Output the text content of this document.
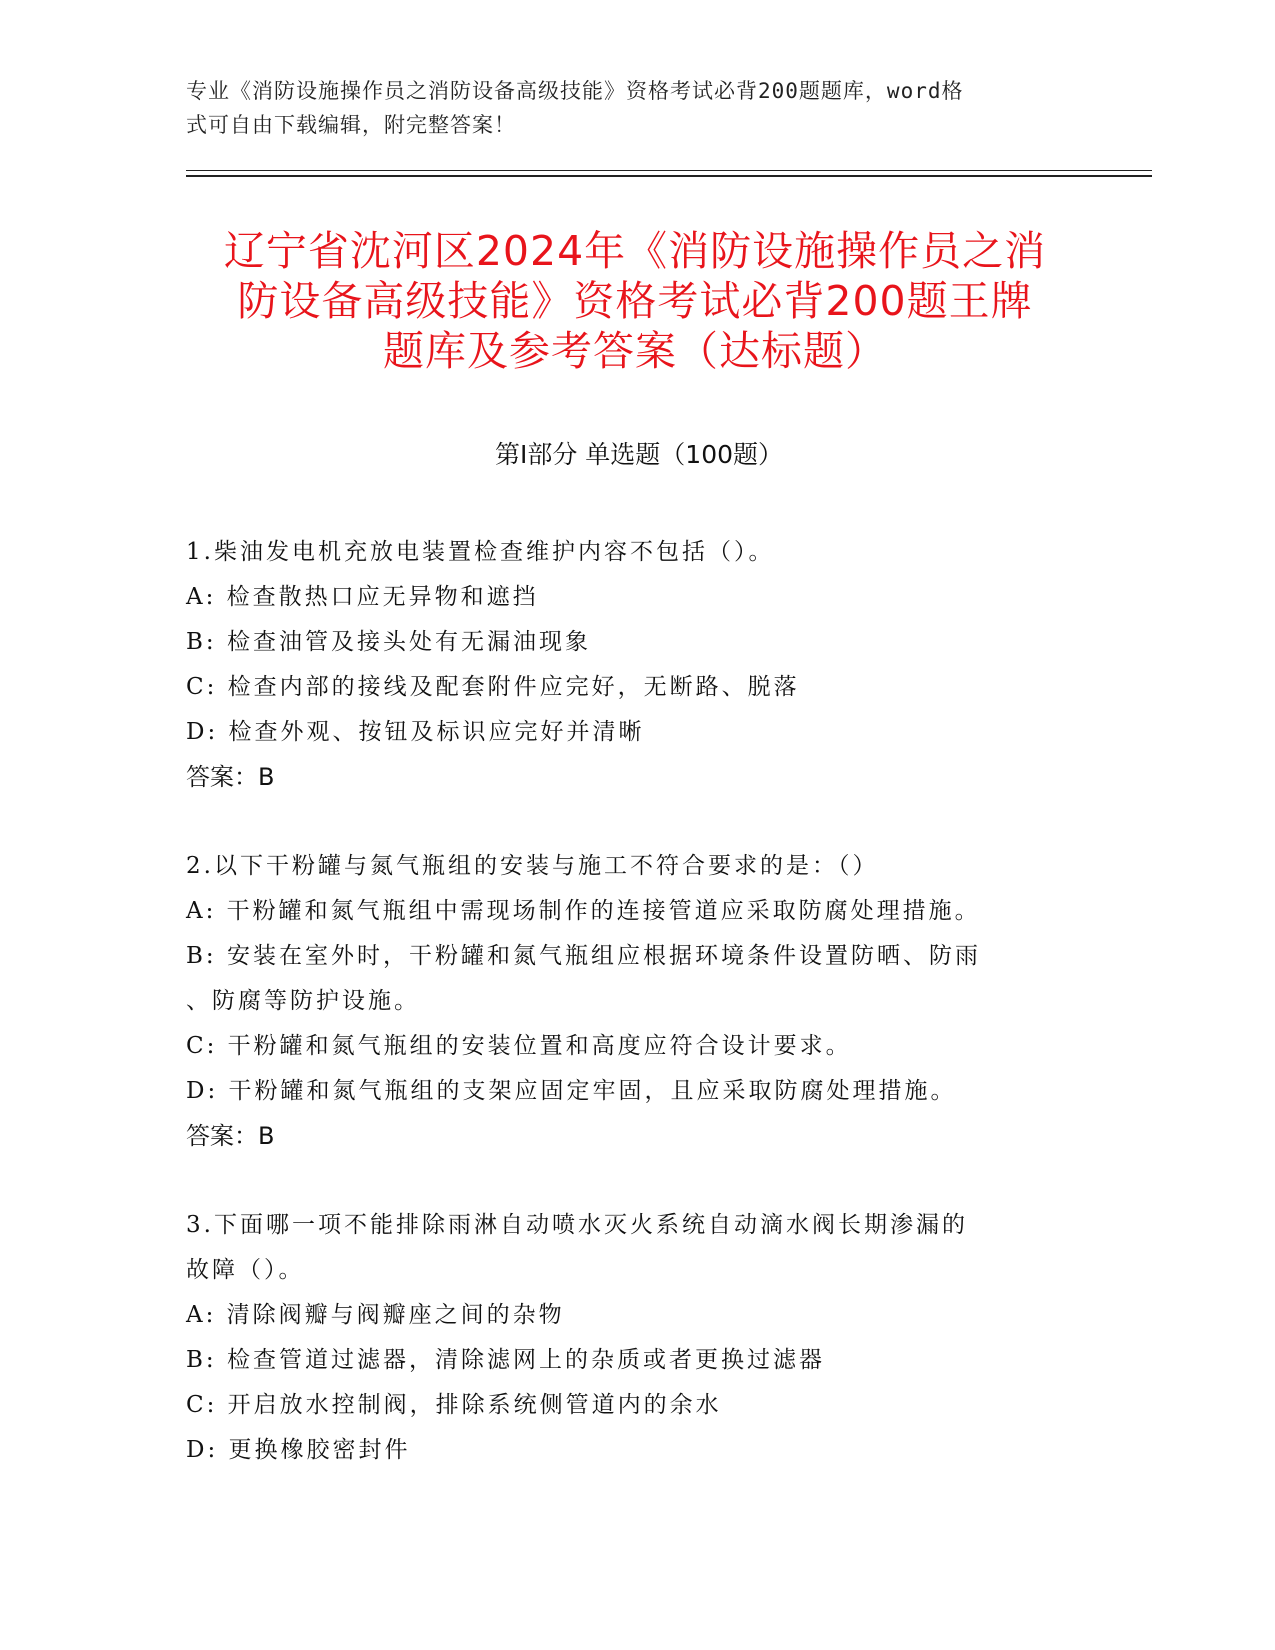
专业《消防设施操作员之消防设备高级技能》资格考试必背200题题库，word格
式可自由下载编辑，附完整答案！
辽宁省沈河区2024年《消防设施操作员之消
防设备高级技能》资格考试必背200题王牌
题库及参考答案（达标题）
第Ⅰ部分 单选题（100题）

1.柴油发电机充放电装置检查维护内容不包括（）。

A: 检查散热口应无异物和遮挡

B: 检查油管及接头处有无漏油现象

C: 检查内部的接线及配套附件应完好，无断路、脱落

D: 检查外观、按钮及标识应完好并清晰

答案：B

2.以下干粉罐与氮气瓶组的安装与施工不符合要求的是：（）

A: 干粉罐和氮气瓶组中需现场制作的连接管道应采取防腐处理措施。

B: 安装在室外时，干粉罐和氮气瓶组应根据环境条件设置防晒、防雨

、防腐等防护设施。

C: 干粉罐和氮气瓶组的安装位置和高度应符合设计要求。

D: 干粉罐和氮气瓶组的支架应固定牢固，且应采取防腐处理措施。

答案：B

3.下面哪一项不能排除雨淋自动喷水灭火系统自动滴水阀长期渗漏的

故障（）。

A: 清除阀瓣与阀瓣座之间的杂物

B: 检查管道过滤器，清除滤网上的杂质或者更换过滤器

C: 开启放水控制阀，排除系统侧管道内的余水

D: 更换橡胶密封件
